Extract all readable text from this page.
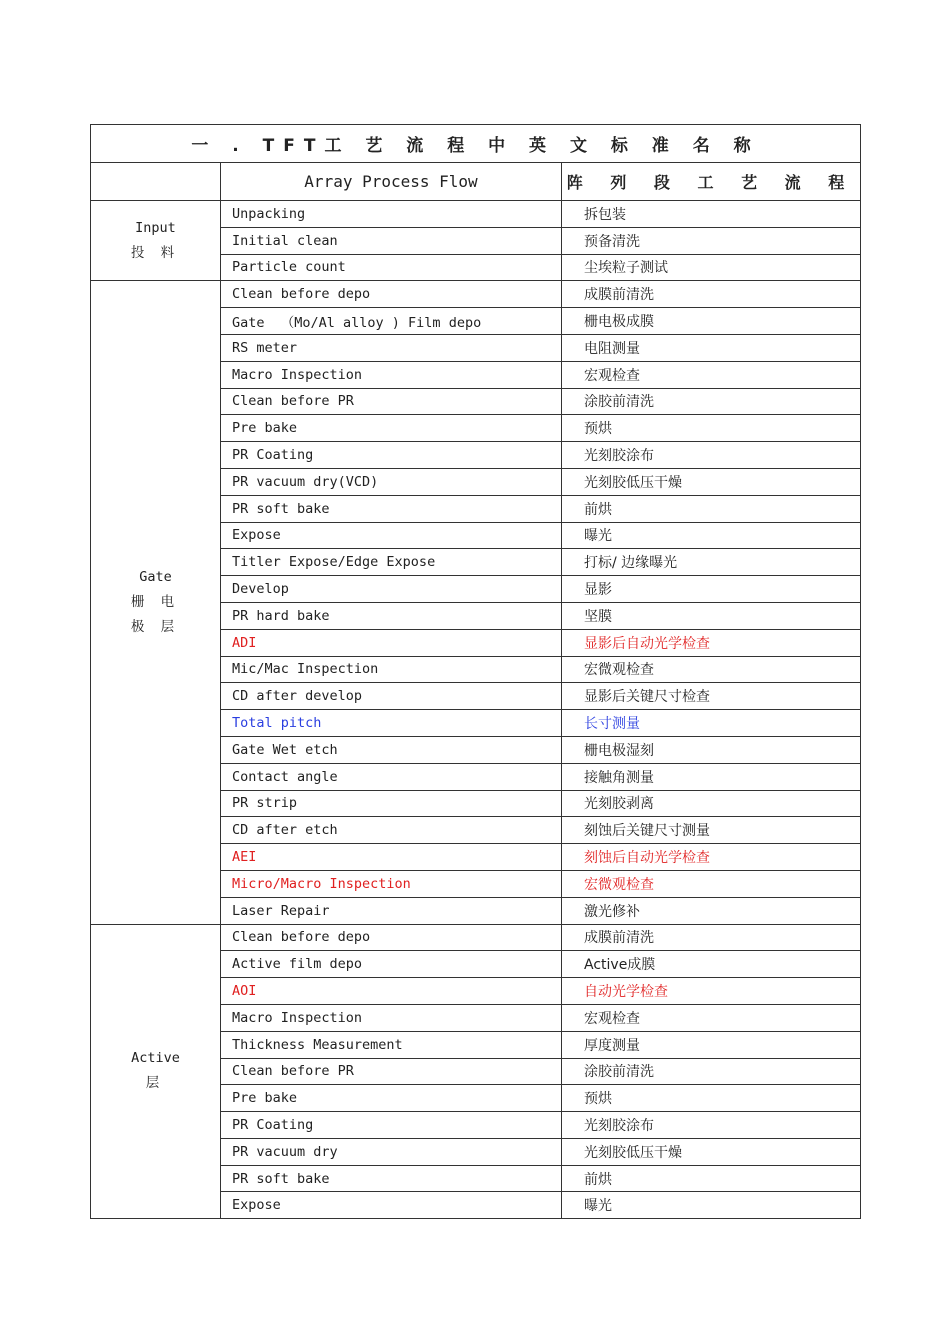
一 . TFT工 艺 流 程 中 英 文 标 准 名 称		
	Array Process Flow	阵 列 段 工 艺 流 程

Input
投 料	Unpacking	拆包装
	Initial clean	预备清洗
	Particle count	尘埃粒子测试

Gate
栅 电
极 层	Clean before depo	成膜前清洗
	Gate  （Mo/Al alloy ) Film depo	栅电极成膜
	RS meter	电阻测量
	Macro Inspection	宏观检查
	Clean before PR	涂胶前清洗
	Pre bake	预烘
	PR Coating	光刻胶涂布
	PR vacuum dry(VCD)	光刻胶低压干燥
	PR soft bake	前烘
	Expose	曝光
	Titler Expose/Edge Expose	打标/ 边缘曝光
	Develop	显影
	PR hard bake	坚膜
	ADI	显影后自动光学检查
	Mic/Mac Inspection	宏微观检查
	CD after develop	显影后关键尺寸检查
	Total pitch	长寸测量
	Gate Wet etch	栅电极湿刻
	Contact angle	接触角测量
	PR strip	光刻胶剥离
	CD after etch	刻蚀后关键尺寸测量
	AEI	刻蚀后自动光学检查
	Micro/Macro Inspection	宏微观检查
	Laser Repair	激光修补

Active
层	Clean before depo	成膜前清洗
	Active film depo	Active成膜
	AOI	自动光学检查
	Macro Inspection	宏观检查
	Thickness Measurement	厚度测量
	Clean before PR	涂胶前清洗
	Pre bake	预烘
	PR Coating	光刻胶涂布
	PR vacuum dry	光刻胶低压干燥
	PR soft bake	前烘
	Expose	曝光
